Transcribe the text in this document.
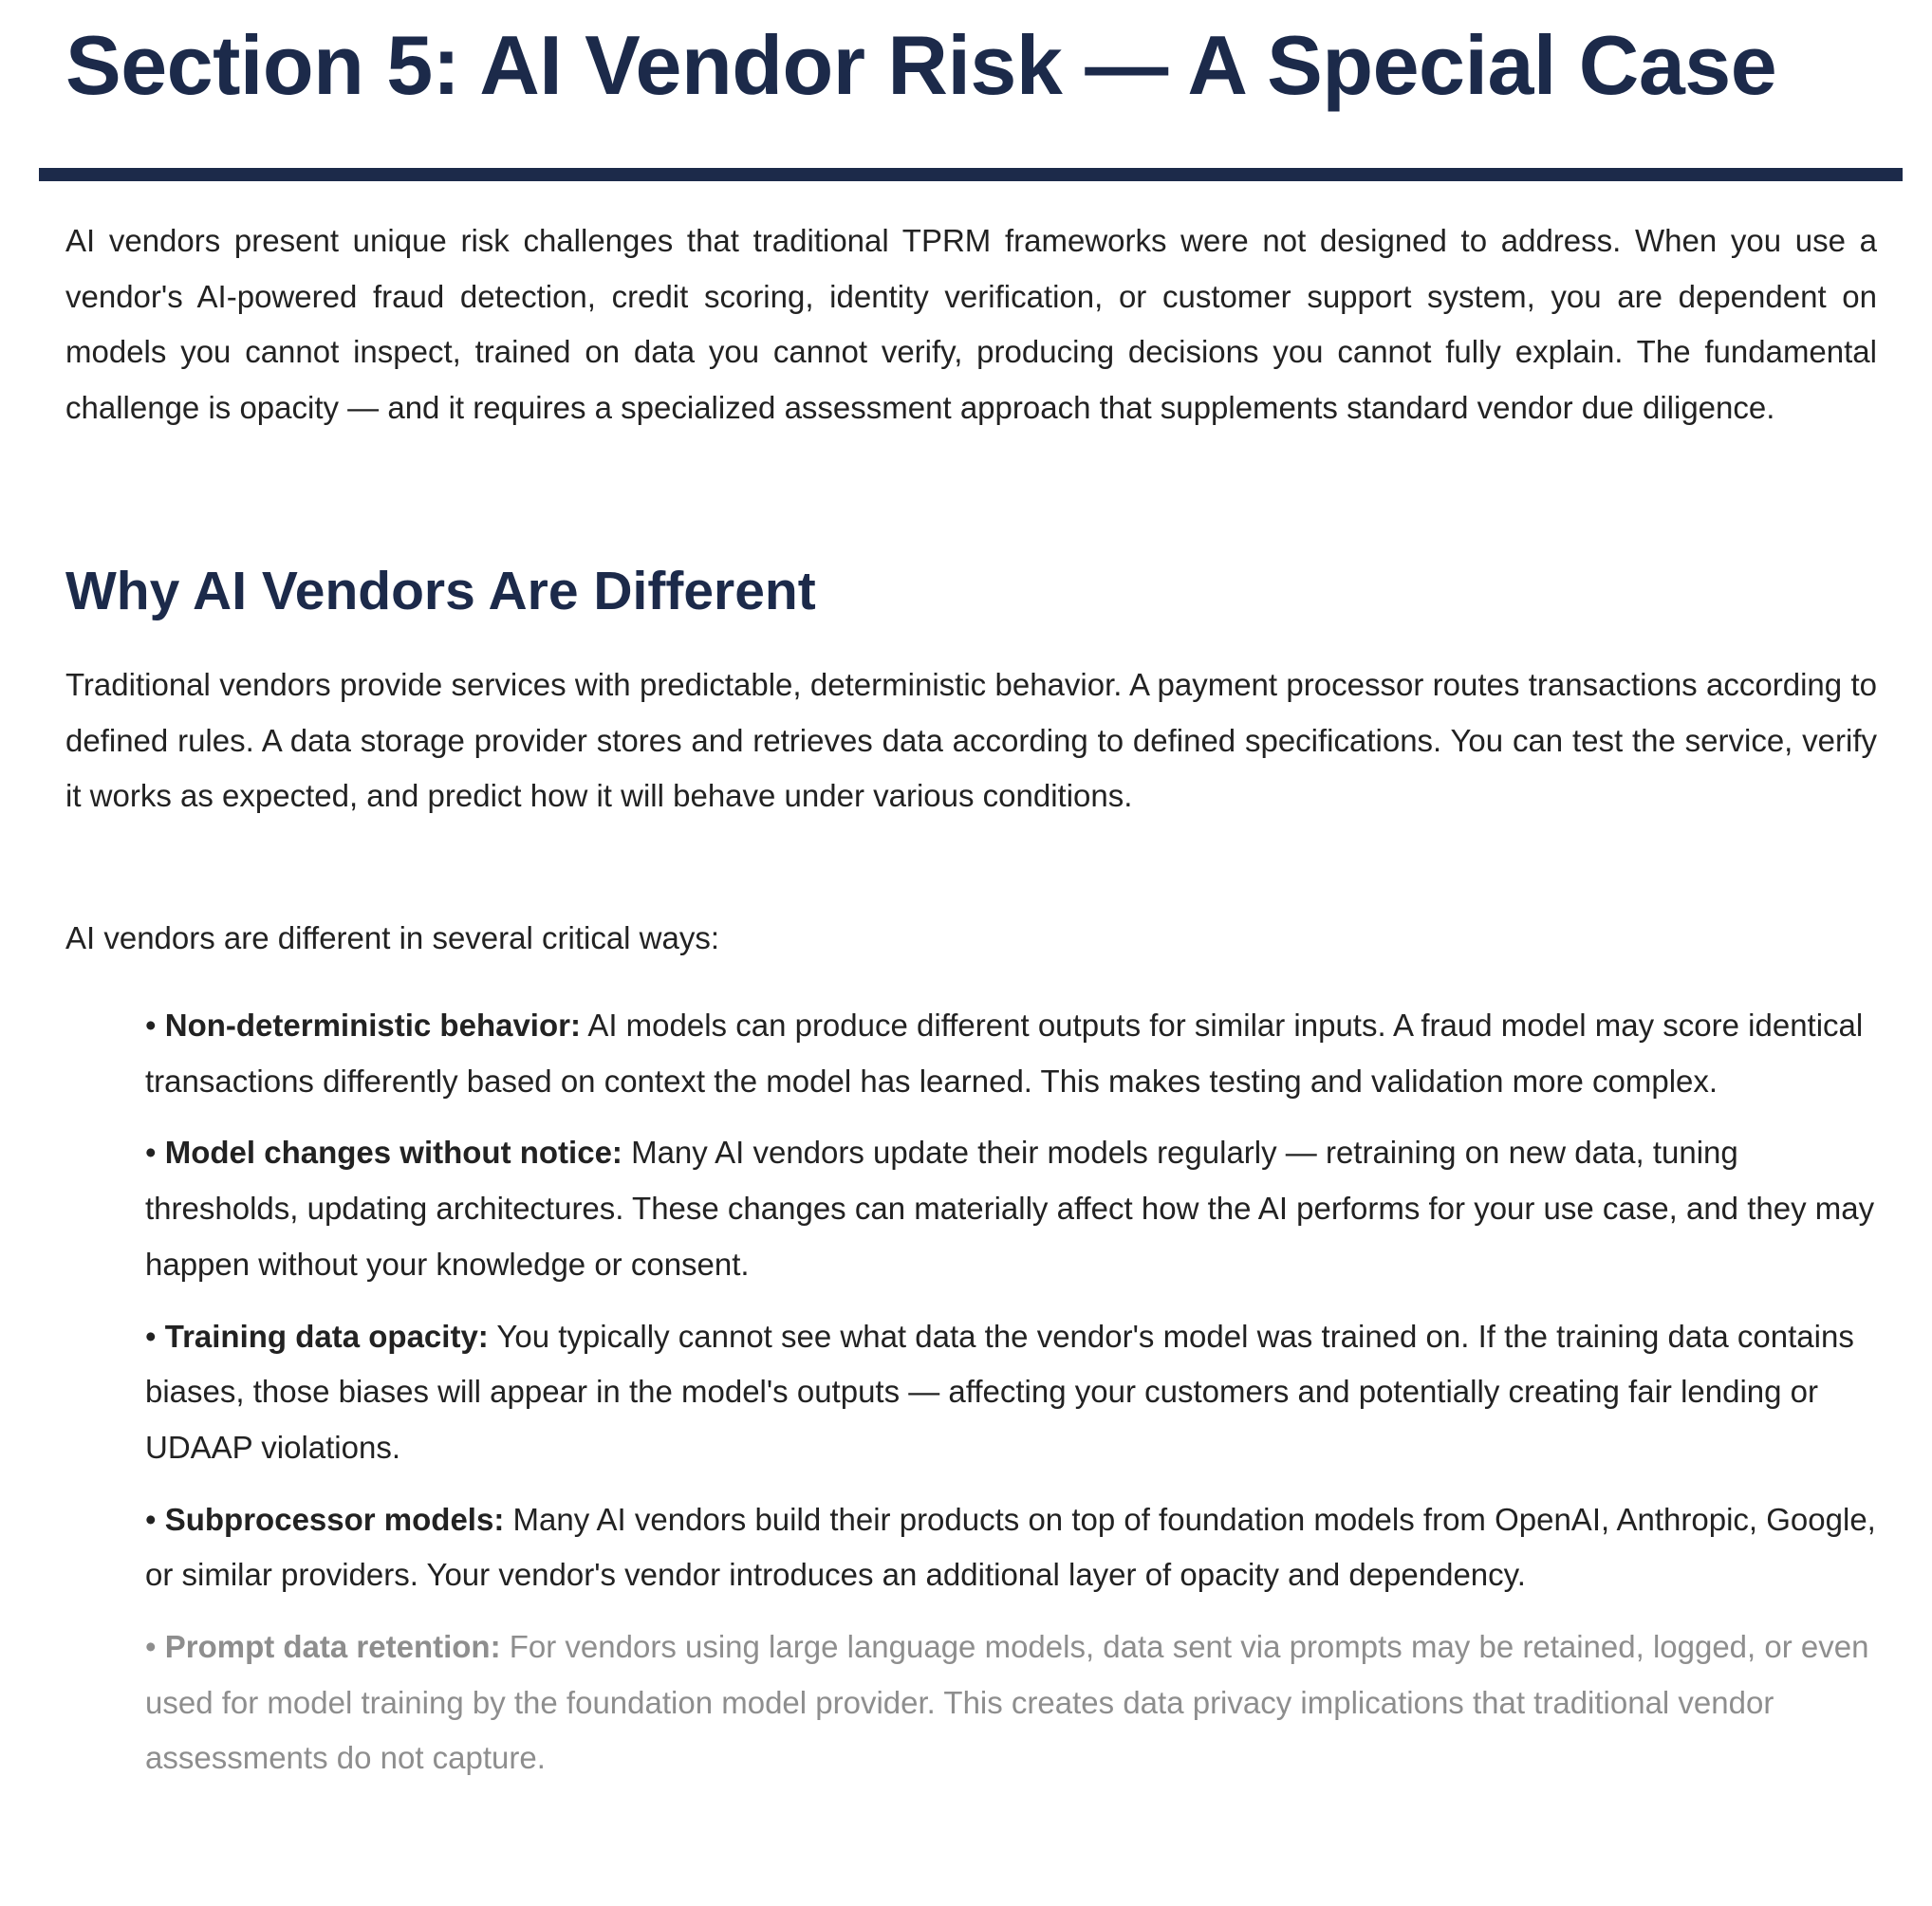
Section 5: AI Vendor Risk — A Special Case

AI vendors present unique risk challenges that traditional TPRM frameworks were not designed to address. When you use a vendor's AI-powered fraud detection, credit scoring, identity verification, or customer support system, you are dependent on models you cannot inspect, trained on data you cannot verify, producing decisions you cannot fully explain. The fundamental challenge is opacity — and it requires a specialized assessment approach that supplements standard vendor due diligence.

Why AI Vendors Are Different

Traditional vendors provide services with predictable, deterministic behavior. A payment processor routes transactions according to defined rules. A data storage provider stores and retrieves data according to defined specifications. You can test the service, verify it works as expected, and predict how it will behave under various conditions.

AI vendors are different in several critical ways:

• Non-deterministic behavior: AI models can produce different outputs for similar inputs. A fraud model may score identical transactions differently based on context the model has learned. This makes testing and validation more complex.
• Model changes without notice: Many AI vendors update their models regularly — retraining on new data, tuning thresholds, updating architectures. These changes can materially affect how the AI performs for your use case, and they may happen without your knowledge or consent.
• Training data opacity: You typically cannot see what data the vendor's model was trained on. If the training data contains biases, those biases will appear in the model's outputs — affecting your customers and potentially creating fair lending or UDAAP violations.
• Subprocessor models: Many AI vendors build their products on top of foundation models from OpenAI, Anthropic, Google, or similar providers. Your vendor's vendor introduces an additional layer of opacity and dependency.
• Prompt data retention: For vendors using large language models, data sent via prompts may be retained, logged, or even used for model training by the foundation model provider. This creates data privacy implications that traditional vendor assessments do not capture.
